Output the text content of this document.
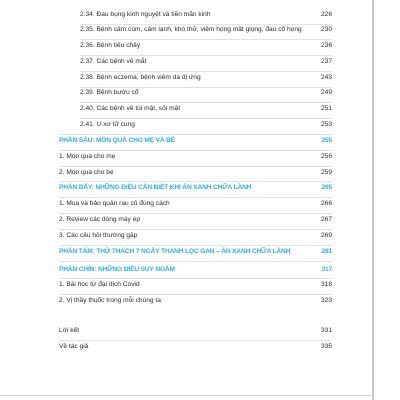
2.34. Đau bụng kinh nguyệt và tiền mãn kinh	226
2.35. Bệnh cảm cúm, cảm lạnh, khó thở, viêm họng mất giọng, đau cổ họng	230
2.36. Bệnh tiêu chảy	236
2.37. Các bệnh về mắt	237
2.38. Bệnh eczema, bệnh viêm da dị ứng	243
2.39. Bệnh bướu cổ	249
2.40. Các bệnh về túi mật, sỏi mật	251
2.41. U xơ tử cung	253
PHẦN SÁU: MÓN QUÀ CHO MẸ VÀ BÉ	255
1. Món quà cho mẹ	256
2. Món quà cho bé	259
PHẦN BẢY: NHỮNG ĐIỀU CẦN BIẾT KHI ĂN XANH CHỮA LÀNH	265
1. Mua và bảo quản rau củ đúng cách	266
2. Review các dòng máy ép	267
3. Các câu hỏi thường gặp	269
PHẦN TÁM: THỬ THÁCH 7 NGÀY THANH LỌC GAN – ĂN XANH CHỮA LÀNH	281
PHẦN CHÍN: NHỮNG ĐIỀU SUY NGẪM	317
1. Bài học từ đại dịch Covid	318
2. Vị thầy thuốc trong mỗi chúng ta	323
Lời kết	331
Về tác giả	335
